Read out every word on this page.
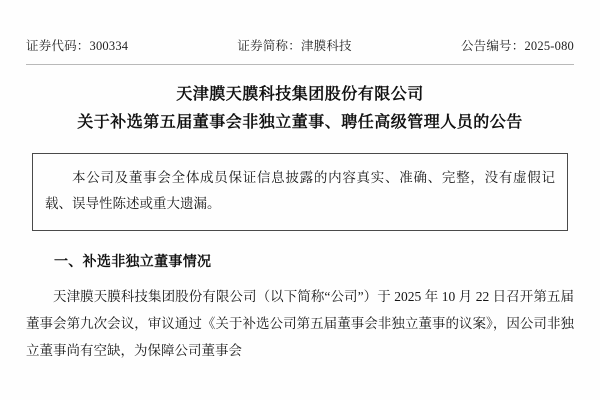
证券代码：300334	证券简称：津膜科技	公告编号：2025-080
天津膜天膜科技集团股份有限公司
关于补选第五届董事会非独立董事、聘任高级管理人员的公告

本公司及董事会全体成员保证信息披露的内容真实、准确、完整，没有虚假记载、误导性陈述或重大遗漏。

一、补选非独立董事情况

天津膜天膜科技集团股份有限公司（以下简称“公司”）于 2025 年 10 月 22 日召开第五届董事会第九次会议，审议通过《关于补选公司第五届董事会非独立董事的议案》，因公司非独立董事尚有空缺，为保障公司董事会
